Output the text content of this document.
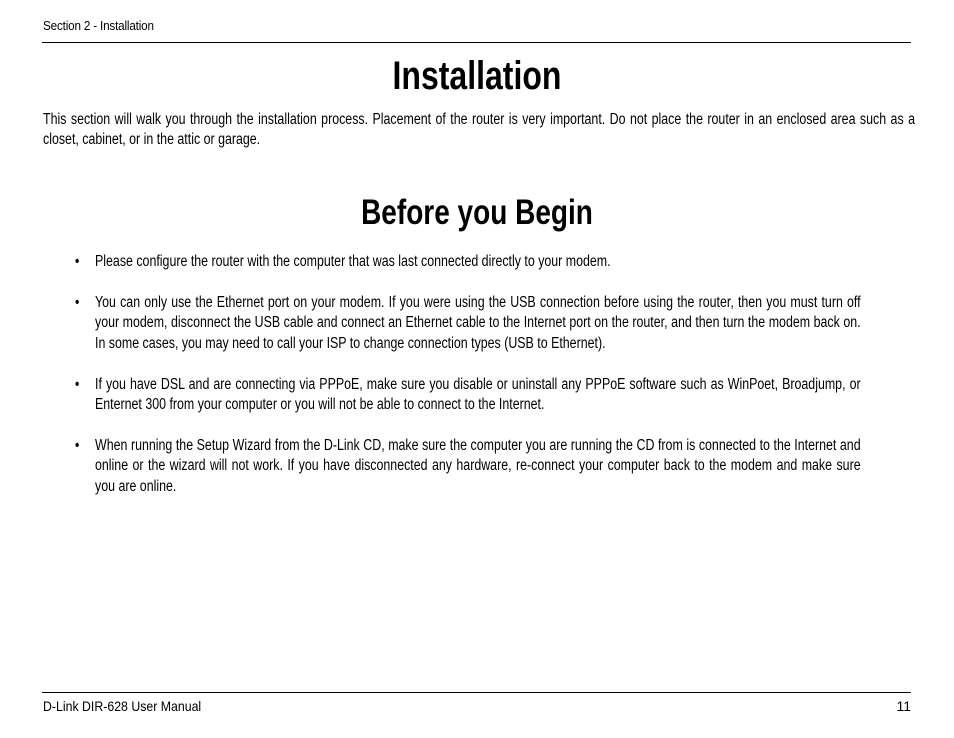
Section 2 - Installation
Installation

This section will walk you through the installation process. Placement of the router is very important. Do not place the router in an enclosed area such as a closet, cabinet, or in the attic or garage.

Before you Begin
• Please configure the router with the computer that was last connected directly to your modem.
• You can only use the Ethernet port on your modem. If you were using the USB connection before using the router, then you must turn off your modem, disconnect the USB cable and connect an Ethernet cable to the Internet port on the router, and then turn the modem back on. In some cases, you may need to call your ISP to change connection types (USB to Ethernet).
• If you have DSL and are connecting via PPPoE, make sure you disable or uninstall any PPPoE software such as WinPoet, Broadjump, or Enternet 300 from your computer or you will not be able to connect to the Internet.
• When running the Setup Wizard from the D-Link CD, make sure the computer you are running the CD from is connected to the Internet and online or the wizard will not work. If you have disconnected any hardware, re-connect your computer back to the modem and make sure you are online.
D-Link DIR-628 User Manual	11
